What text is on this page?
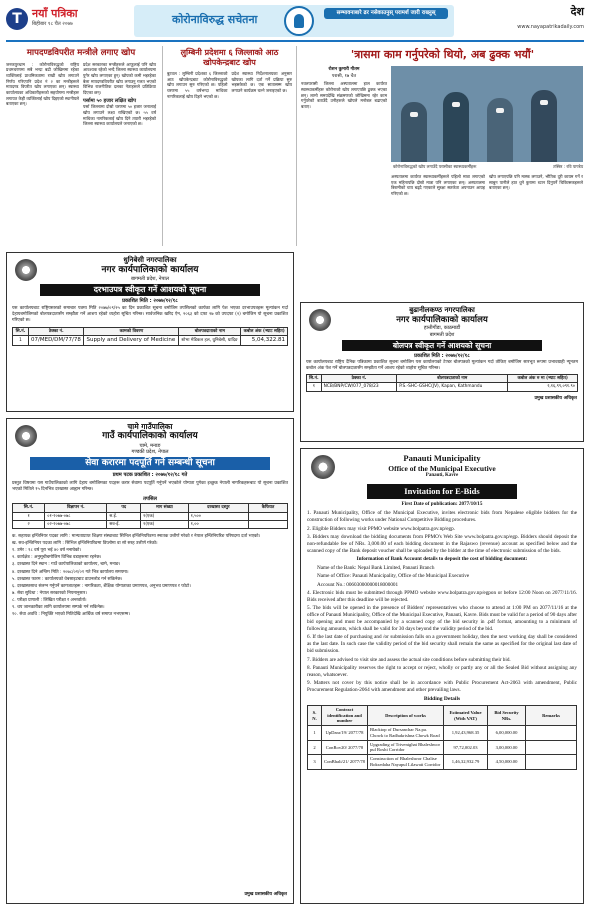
T नयाँ पत्रिका
बिहीबार १८ चैत २०७७	कोरोनाविरुद्ध सचेतना	सम्भावनाबारे ढर नसेकाउनुस् परामर्श जारी राख्नुस्	देश
www.nayapatrikadaily.com
मापदण्डविपरीत मन्त्रीले लगाए खोप
जनकपुरधाम : कोरोनाविरुद्धको राष्ट्रिय प्रथमचरणमा सबै भन्दा बढी जोखिममा रहेका व्यक्तिलाई प्राथमिकतामा राखी खोप लगाउने निर्णय गरिएपनि प्रदेश नं २ का मन्त्रीहरूले मापदण्ड विपरीत खोप लगाएका छन्। स्वास्थ्य कार्यालयका अधिकारीहरूको सहयोगमा मन्त्रीहरू लगायत केही व्यक्तिलाई खोप दिइएको स्थानीयले बताएका छन्।
प्रदेश सरकारका मन्त्रीहरूले आफूलाई पनि खोप आवश्यक रहेको भन्दै जिल्ला स्वास्थ्य कार्यालयमा पुगेर खोप लगाएका हुन्। खोपको कमी भइरहेका बेला मापदण्डविपरीत खोप लगाउनु गलत भएको विभिन्न राजनीतिक दलका नेताहरूले प्रतिक्रिया दिएका छन्।
पर्सामा ५० हजार लक्षित खोप
पर्सा जिल्लामा दोस्रो चरणमा ५० हजार जनालाई खोप लगाउने लक्ष्य राखिएको छ। ५५ वर्ष माथिका नागरिकलाई खोप दिने तयारी भइरहेको जिल्ला स्वास्थ्य कार्यालयले जनाएको छ।
लुम्बिनी प्रदेशमा ६ जिल्लाको आठ खोपकेन्द्रबाट खोप
बुटवल : लुम्बिनी प्रदेशका ६ जिल्लाको आठ खोपकेन्द्रबाट कोरोनाविरुद्धको खोप लगाउन सुरु गरिएको छ। पहिलो चरणमा ५५ वर्षभन्दा माथिका नागरिकलाई खोप दिइने भएको छ।
प्रदेश स्वास्थ्य निर्देशनालयका अनुसार खोपका लागि दर्ता गर्ने प्रक्रिया सुरु भइसकेको छ। एक सातासम्म खोप लगाउने कार्यक्रम चल्ने जनाइएको छ।
'त्रासमा काम गर्नुपरेको थियो, अब ढुक्क भयौं'
रोशन कुमारी गौतम
परासी, १७ चैत
नवलपरासी जिल्ला अस्पतालमा हाल कार्यरत स्वास्थ्यकर्मीहरू कोरोनाको खोप लगाएपछि ढुक्क भएका छन्। लामो समयदेखि संक्रमणको जोखिममा रहेर काम गर्नुपरेको बताउँदै उनीहरूले खोपले मनोबल बढाएको बताए।
कोरोनाविरुद्धको खोप लगाउँदै परासीका स्वास्थ्यकर्मीहरू	तस्बिर : रवि पाण्डेय
अस्पतालमा कार्यरत स्वास्थ्यकर्मीहरूले पहिलो मात्रा लगाएको एक महिनापछि दोस्रो मात्रा पनि लगाएका छन्। अस्पतालमा बिरामीको चाप बढ्दै गएकाले सुरक्षा सतर्कता अपनाउन आग्रह गरिएको छ।
खोप लगाएपछि पनि मास्क लगाउने, भौतिक दूरी कायम गर्ने र साबुन पानीले हात धुने कुरामा ध्यान दिनुपर्ने चिकित्सकहरूले बताएका छन्।
धुनिबेसी नगरपालिका
नगर कार्यपालिकाको कार्यालय
बागमती प्रदेश, नेपाल
दरभाउपत्र स्वीकृत गर्ने आशयको सूचना
प्रकाशित मिति : २०७७/१२/१८
यस कार्यालयबाट राष्ट्रियस्तरको समाचार पत्रमा मिति २०७७/०९/२५ का दिन प्रकाशित सूचना बमोजिम तपसिलको कार्यका लागि पेश भएका दरभाउपत्रहरू मूल्यांकन गर्दा देहायबमोजिमको बोलपत्रदातासँग सम्झौता गर्ने आशय रहेको व्यहोरा सूचित गरिन्छ। सार्वजनिक खरिद ऐन, २०६३ को दफा २७ को उपदफा (२) बमोजिम यो सूचना प्रकाशित गरिएको छ।
सि.नं.	ठेक्का नं.	कामको विवरण	बोलपत्रदाताको नाम	कबोल अंक (भ्याट सहित)
1	07/MED/DM/77/78	Supply and Delivery of Medicine	शोभा मेडिकल हल, धुनिबेसी, धादिङ	5,04,322.81
बुढानीलकण्ठ नगरपालिका
नगर कार्यपालिकाको कार्यालय
हात्तीगौंडा, काठमाडौं
बागमती प्रदेश
बोलपत्र स्वीकृत गर्ने आशयको सूचना
प्रकाशित मिति : २०७७/१२/१८
यस कार्यालयबाट राष्ट्रिय दैनिक पत्रिकामा प्रकाशित सूचना बमोजिम यस कार्यालयको टेण्डर बोलपत्रको मूल्यांकन गर्दा तोकिए बमोजिम सारभूत रूपमा प्रभावग्राही न्यूनतम कबोल अंक पेश गर्ने बोलपत्रदातासँग सम्झौता गर्ने आशय रहेको व्यहोरा सूचित गरिन्छ।
सि.नं.	ठेक्का नं.	बोलपत्रदाताको नाम	कबोल अंक रु मा (भ्याट सहित)
१	NCB/BNP/CW/077_078/23	P.S.-SHC-GSHC(JV), Kapan, Kathmandu	२,१६,९९,०९१.९०
प्रमुख प्रशासकीय अधिकृत
चामे गाउँपालिका
गाउँ कार्यपालिकाको कार्यालय
चामे, मनाङ
गण्डकी प्रदेश, नेपाल
सेवा करारमा पदपूर्ति गर्ने सम्बन्धी सूचना
प्रथम पटक प्रकाशित : २०७७/१२/१८ गते
प्रस्तुत विषयमा यस गाउँपालिकाको लागि देहाय बमोजिमका पदहरू करार सेवामा पदपूर्ति गर्नुपर्ने भएकोले योग्यता पुगेका इच्छुक नेपाली नागरिकहरूबाट यो सूचना प्रकाशित भएको मितिले १५ दिनभित्र दरखास्त आह्वान गरिन्छ।
तपसिल
सि.नं.	विज्ञापन नं.	पद	माग संख्या	दरखास्त दस्तुर	कैफियत
१	०१-२०७७-०७८	स.ई.	१(एक)	१,५००	
२	०२-२०७७-०७८	सव-ई.	१(एक)	१,००	

क. सहायक इन्जिनियर पदका लागि : मान्यताप्राप्त शिक्षण संस्थाबाट सिभिल इन्जिनियरिङमा स्नातक उत्तीर्ण गरेको र नेपाल इन्जिनियरिङ परिषदमा दर्ता भएको।

ख. सव-इन्जिनियर पदका लागि : सिभिल इन्जिनियरिङमा डिप्लोमा वा सो सरह उत्तीर्ण गरेको।

१. उमेर : १८ वर्ष पूरा भई ४० वर्ष ननाघेको।

२. कार्यक्षेत्र : अनुसूचीबमोजिम विभिन्न वडाहरूमा रहनेछ।

३. दरखास्त दिने स्थान : गाउँ कार्यपालिकाको कार्यालय, चामे, मनाङ।

४. दरखास्त दिने अन्तिम मिति : २०७८/०१/०१ गते भित्र कार्यालय समयमा।

५. दरखास्त फारम : कार्यालयको वेबसाइटबाट डाउनलोड गर्न सकिनेछ।

६. दरखास्तसाथ संलग्न गर्नुपर्ने कागजातहरू : नागरिकता, शैक्षिक योग्यताका प्रमाणपत्र, अनुभव प्रमाणपत्र र फोटो।

७. सेवा सुविधा : नेपाल सरकारको नियमानुसार।

८. परीक्षा प्रणाली : लिखित परीक्षा र अन्तर्वार्ता।

९. थप जानकारीका लागि कार्यालयमा सम्पर्क गर्न सकिनेछ।

१०. सेवा अवधि : नियुक्ति भएको मितिदेखि आर्थिक वर्ष समाप्त नभएसम्म।

प्रमुख प्रशासकीय अधिकृत
Panauti Municipality
Office of the Municipal Executive
Panauti, Kavre
Invitation for E-Bids
First Date of publication: 2077/10/15

1. Panauti Municipality, Office of the Municipal Executive, invites electronic bids from Nepalese eligible bidders for the construction of following works under National Competitive Bidding procedures.

2. Eligible Bidders may visit PPMO website www.bolpatra.gov.np/egp.

3. Bidders may download the bidding documents from PPMO's Web Site www.bolpatra.gov.np/egp. Bidders should deposit the non-refundable fee of NRs. 3,000.00 of each bidding document in the Rajaswo (revenue) account as specified below and the scanned copy of the Bank deposit voucher shall be uploaded by the bidder at the time of electronic submission of the bids.

Information of Bank Account details to deposit the cost of bidding document:

Name of the Bank: Nepal Bank Limited, Panauti Branch

Name of Office: Panauti Municipality, Office of the Municipal Executive

Account No.: 00603000000018000001

4. Electronic bids must be submitted through PPMO website www.bolpatra.gov.np/egpon or before 12:00 Noon on 2077/11/16. Bids received after this deadline will be rejected.

5. The bids will be opened in the presence of Bidders' representatives who choose to attend at 1:00 PM on 2077/11/16 at the office of Panauti Municipality, Office of the Municipal Executive, Panauti, Kavre. Bids must be valid for a period of 90 days after bid opening and must be accompanied by a scanned copy of the bid security in .pdf format, amounting to a minimum of following amounts, which shall be valid for 30 days beyond the validity period of the bid.

6. If the last date of purchasing and /or submission falls on a government holiday, then the next working day shall be considered as the last date. In such case the validity period of the bid security shall remain the same as specified for the original last date of bid submission.

7. Bidders are advised to visit site and assess the actual site conditions before submitting their bid.

8. Panauti Municipality reserves the right to accept or reject, wholly or partly any or all the Sealed Bid without assigning any reason, whatsoever.

9. Matters not cover by this notice shall be in accordance with Public Procurement Act-2063 with amendment, Public Procurement Regulation-2064 with amendment and other prevailing laws.

Bidding Details
S. N.	Contract identification and number	Description of works	Estimated Value (With VAT)	Bid Security NRs.	Remarks
1	UpDara/19/ 2077/78	Blacktop of Dursanchar Na.pa. Chowk to Radhakrishna Chowk Road	1,92,43,968.35	6,00,000.00	
2	ConRov20/ 2077/78	Upgrading of Trivenighat Bhaleshwor pul Roshi Corridor	97,72,002.03	3,00,000.00	
3	ConBhali/21/ 2077/78	Construction of Bhaleshwor Chalise Boksedaha Nayapul Lilawati Corridor	1,46,32,932.79	4,50,000.00	
